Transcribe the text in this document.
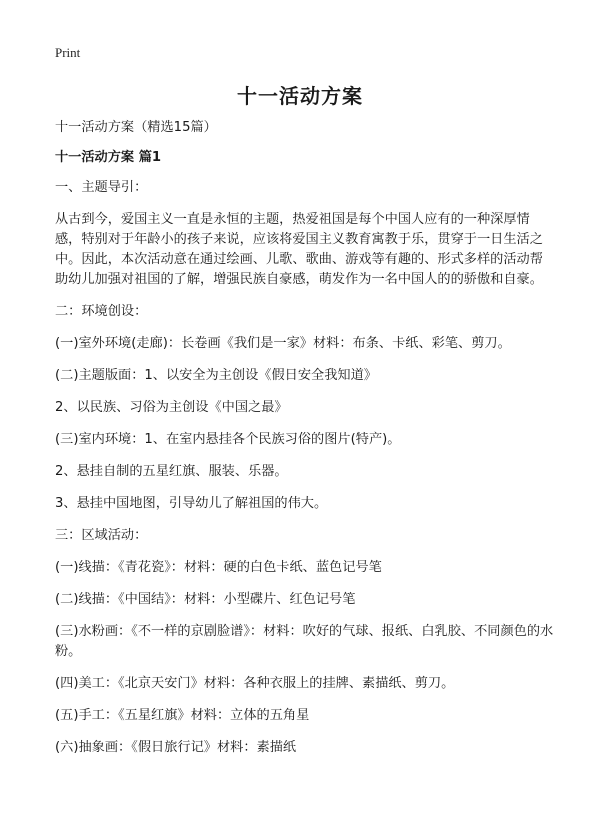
Print
十一活动方案

十一活动方案（精选15篇）

十一活动方案 篇1

一、主题导引：

从古到今，爱国主义一直是永恒的主题，热爱祖国是每个中国人应有的一种深厚情感，特别对于年龄小的孩子来说，应该将爱国主义教育寓教于乐，贯穿于一日生活之中。因此，本次活动意在通过绘画、儿歌、歌曲、游戏等有趣的、形式多样的活动帮助幼儿加强对祖国的了解，增强民族自豪感，萌发作为一名中国人的的骄傲和自豪。

二：环境创设：

(一)室外环境(走廊)：长卷画《我们是一家》材料：布条、卡纸、彩笔、剪刀。

(二)主题版面：1、以安全为主创设《假日安全我知道》

2、以民族、习俗为主创设《中国之最》

(三)室内环境：1、在室内悬挂各个民族习俗的图片(特产)。

2、悬挂自制的五星红旗、服装、乐器。

3、悬挂中国地图，引导幼儿了解祖国的伟大。

三：区域活动：

(一)线描：《青花瓷》：材料：硬的白色卡纸、蓝色记号笔

(二)线描：《中国结》：材料：小型碟片、红色记号笔

(三)水粉画：《不一样的京剧脸谱》：材料：吹好的气球、报纸、白乳胶、不同颜色的水粉。

(四)美工：《北京天安门》材料：各种衣服上的挂牌、素描纸、剪刀。

(五)手工：《五星红旗》材料：立体的五角星

(六)抽象画：《假日旅行记》材料：素描纸
